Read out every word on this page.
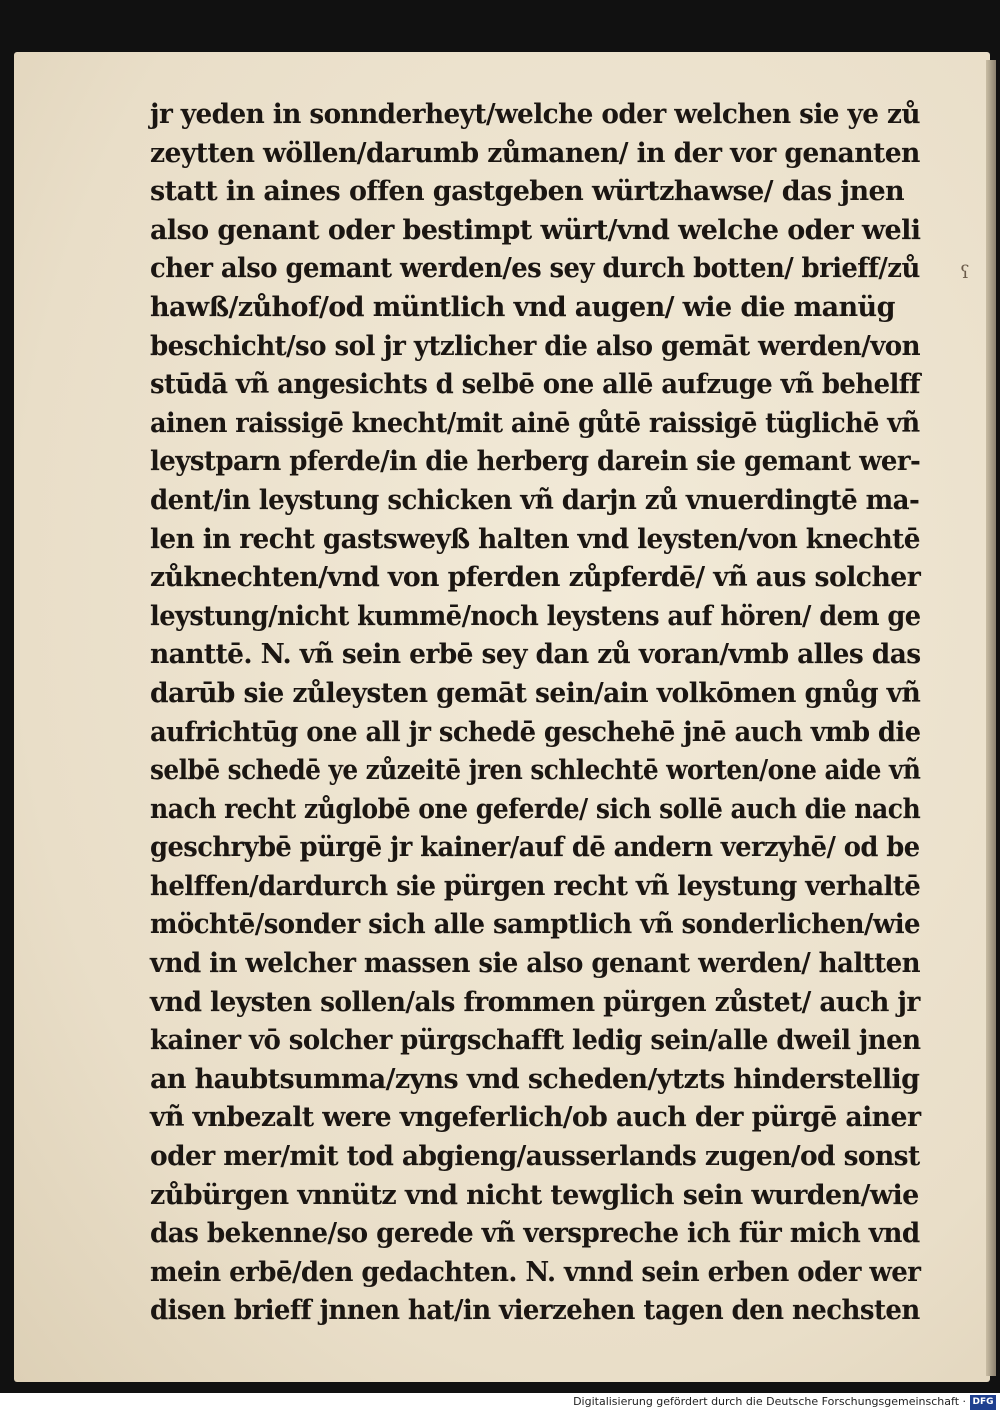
ʕ
jr yeden in sonnderheyt/welche oder welchen sie ye zů
zeytten wöllen/darumb zůmanen/ in der vor genanten
statt in aines offen gastgeben würtzhawse/ das jnen
also genant oder bestimpt würt/vnd welche oder weli
cher also gemant werden/es sey durch botten/ brieff/zů
hawß/zůhof/od müntlich vnd augen/ wie die manüg
beschicht/so sol jr ytzlicher die also gemāt werden/von
stūdā vñ angesichts d selbē one allē aufzuge vñ behelff
ainen raissigē knecht/mit ainē gůtē raissigē tüglichē vñ
leystparn pferde/in die herberg darein sie gemant wer-
dent/in leystung schicken vñ darjn zů vnuerdingtē ma-
len in recht gastsweyß halten vnd leysten/von knechtē
zůknechten/vnd von pferden zůpferdē/ vñ aus solcher
leystung/nicht kummē/noch leystens auf hören/ dem ge
nanttē. N. vñ sein erbē sey dan zů voran/vmb alles das
darūb sie zůleysten gemāt sein/ain volkōmen gnůg vñ
aufrichtūg one all jr schedē geschehē jnē auch vmb die
selbē schedē ye zůzeitē jren schlechtē worten/one aide vñ
nach recht zůglobē one geferde/ sich sollē auch die nach
geschrybē pürgē jr kainer/auf dē andern verzyhē/ od be
helffen/dardurch sie pürgen recht vñ leystung verhaltē
möchtē/sonder sich alle samptlich vñ sonderlichen/wie
vnd in welcher massen sie also genant werden/ haltten
vnd leysten sollen/als frommen pürgen zůstet/ auch jr
kainer vō solcher pürgschafft ledig sein/alle dweil jnen
an haubtsumma/zyns vnd scheden/ytzts hinderstellig
vñ vnbezalt were vngeferlich/ob auch der pürgē ainer
oder mer/mit tod abgieng/ausserlands zugen/od sonst
zůbürgen vnnütz vnd nicht tewglich sein wurden/wie
das bekenne/so gerede vñ verspreche ich für mich vnd
mein erbē/den gedachten. N. vnnd sein erben oder wer
disen brieff jnnen hat/in vierzehen tagen den nechsten
Digitalisierung gefördert durch die Deutsche Forschungsgemeinschaft · DFG
